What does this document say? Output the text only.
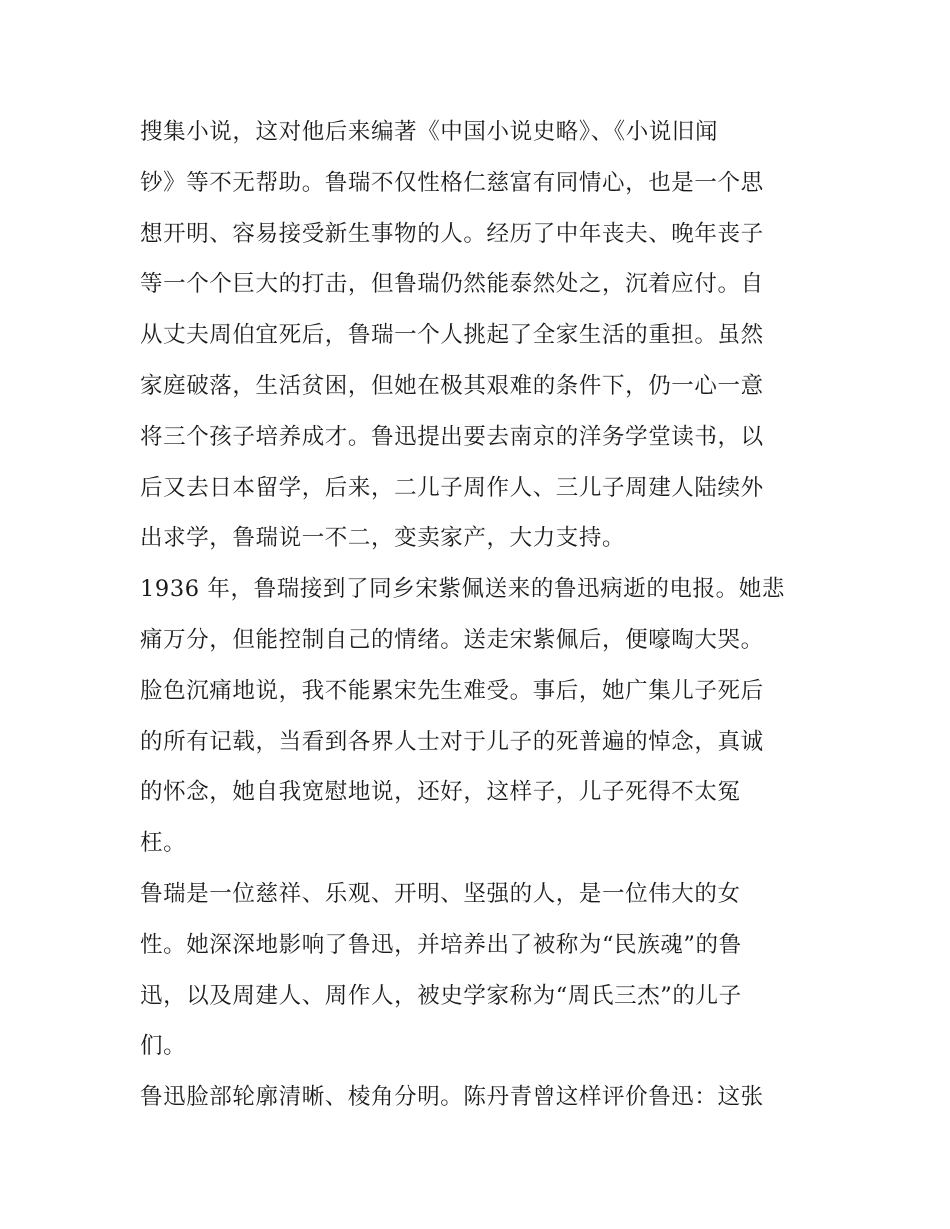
搜集小说，这对他后来编著《中国小说史略》、《小说旧闻
钞》等不无帮助。鲁瑞不仅性格仁慈富有同情心，也是一个思
想开明、容易接受新生事物的人。经历了中年丧夫、晚年丧子
等一个个巨大的打击，但鲁瑞仍然能泰然处之，沉着应付。自
从丈夫周伯宜死后，鲁瑞一个人挑起了全家生活的重担。虽然
家庭破落，生活贫困，但她在极其艰难的条件下，仍一心一意
将三个孩子培养成才。鲁迅提出要去南京的洋务学堂读书，以
后又去日本留学，后来，二儿子周作人、三儿子周建人陆续外
出求学，鲁瑞说一不二，变卖家产，大力支持。
1936 年，鲁瑞接到了同乡宋紫佩送来的鲁迅病逝的电报。她悲
痛万分，但能控制自己的情绪。送走宋紫佩后，便嚎啕大哭。
脸色沉痛地说，我不能累宋先生难受。事后，她广集儿子死后
的所有记载，当看到各界人士对于儿子的死普遍的悼念，真诚
的怀念，她自我宽慰地说，还好，这样子，儿子死得不太冤
枉。
鲁瑞是一位慈祥、乐观、开明、坚强的人，是一位伟大的女
性。她深深地影响了鲁迅，并培养出了被称为“民族魂”的鲁
迅，以及周建人、周作人，被史学家称为“周氏三杰”的儿子
们。
鲁迅脸部轮廓清晰、棱角分明。陈丹青曾这样评价鲁迅：这张
